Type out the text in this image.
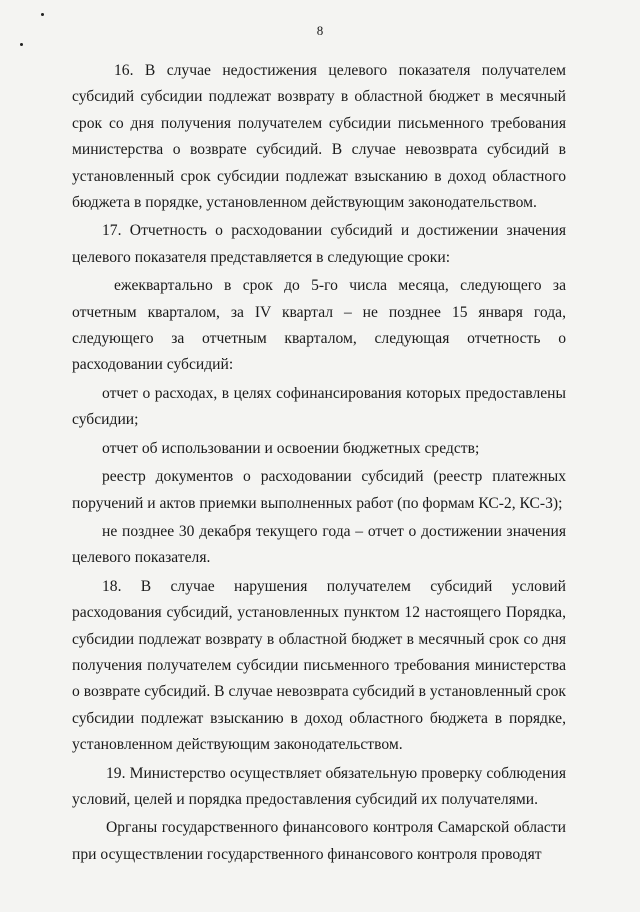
8

16. В случае недостижения целевого показателя получателем субсидий субсидии подлежат возврату в областной бюджет в месячный срок со дня получения получателем субсидии письменного требования министерства о возврате субсидий. В случае невозврата субсидий в установленный срок субсидии подлежат взысканию в доход областного бюджета в порядке, установленном действующим законодательством.

17. Отчетность о расходовании субсидий и достижении значения целевого показателя представляется в следующие сроки:

ежеквартально в срок до 5-го числа месяца, следующего за отчетным кварталом, за IV квартал – не позднее 15 января года, следующего за отчетным кварталом, следующая отчетность о расходовании субсидий:

отчет о расходах, в целях софинансирования которых предоставлены субсидии;

отчет об использовании и освоении бюджетных средств;

реестр документов о расходовании субсидий (реестр платежных поручений и актов приемки выполненных работ (по формам КС-2, КС-3);

не позднее 30 декабря текущего года – отчет о достижении значения целевого показателя.

18. В случае нарушения получателем субсидий условий расходования субсидий, установленных пунктом 12 настоящего Порядка, субсидии подлежат возврату в областной бюджет в месячный срок со дня получения получателем субсидии письменного требования министерства о возврате субсидий. В случае невозврата субсидий в установленный срок субсидии подлежат взысканию в доход областного бюджета в порядке, установленном действующим законодательством.

19. Министерство осуществляет обязательную проверку соблюдения условий, целей и порядка предоставления субсидий их получателями.

Органы государственного финансового контроля Самарской области при осуществлении государственного финансового контроля проводят
